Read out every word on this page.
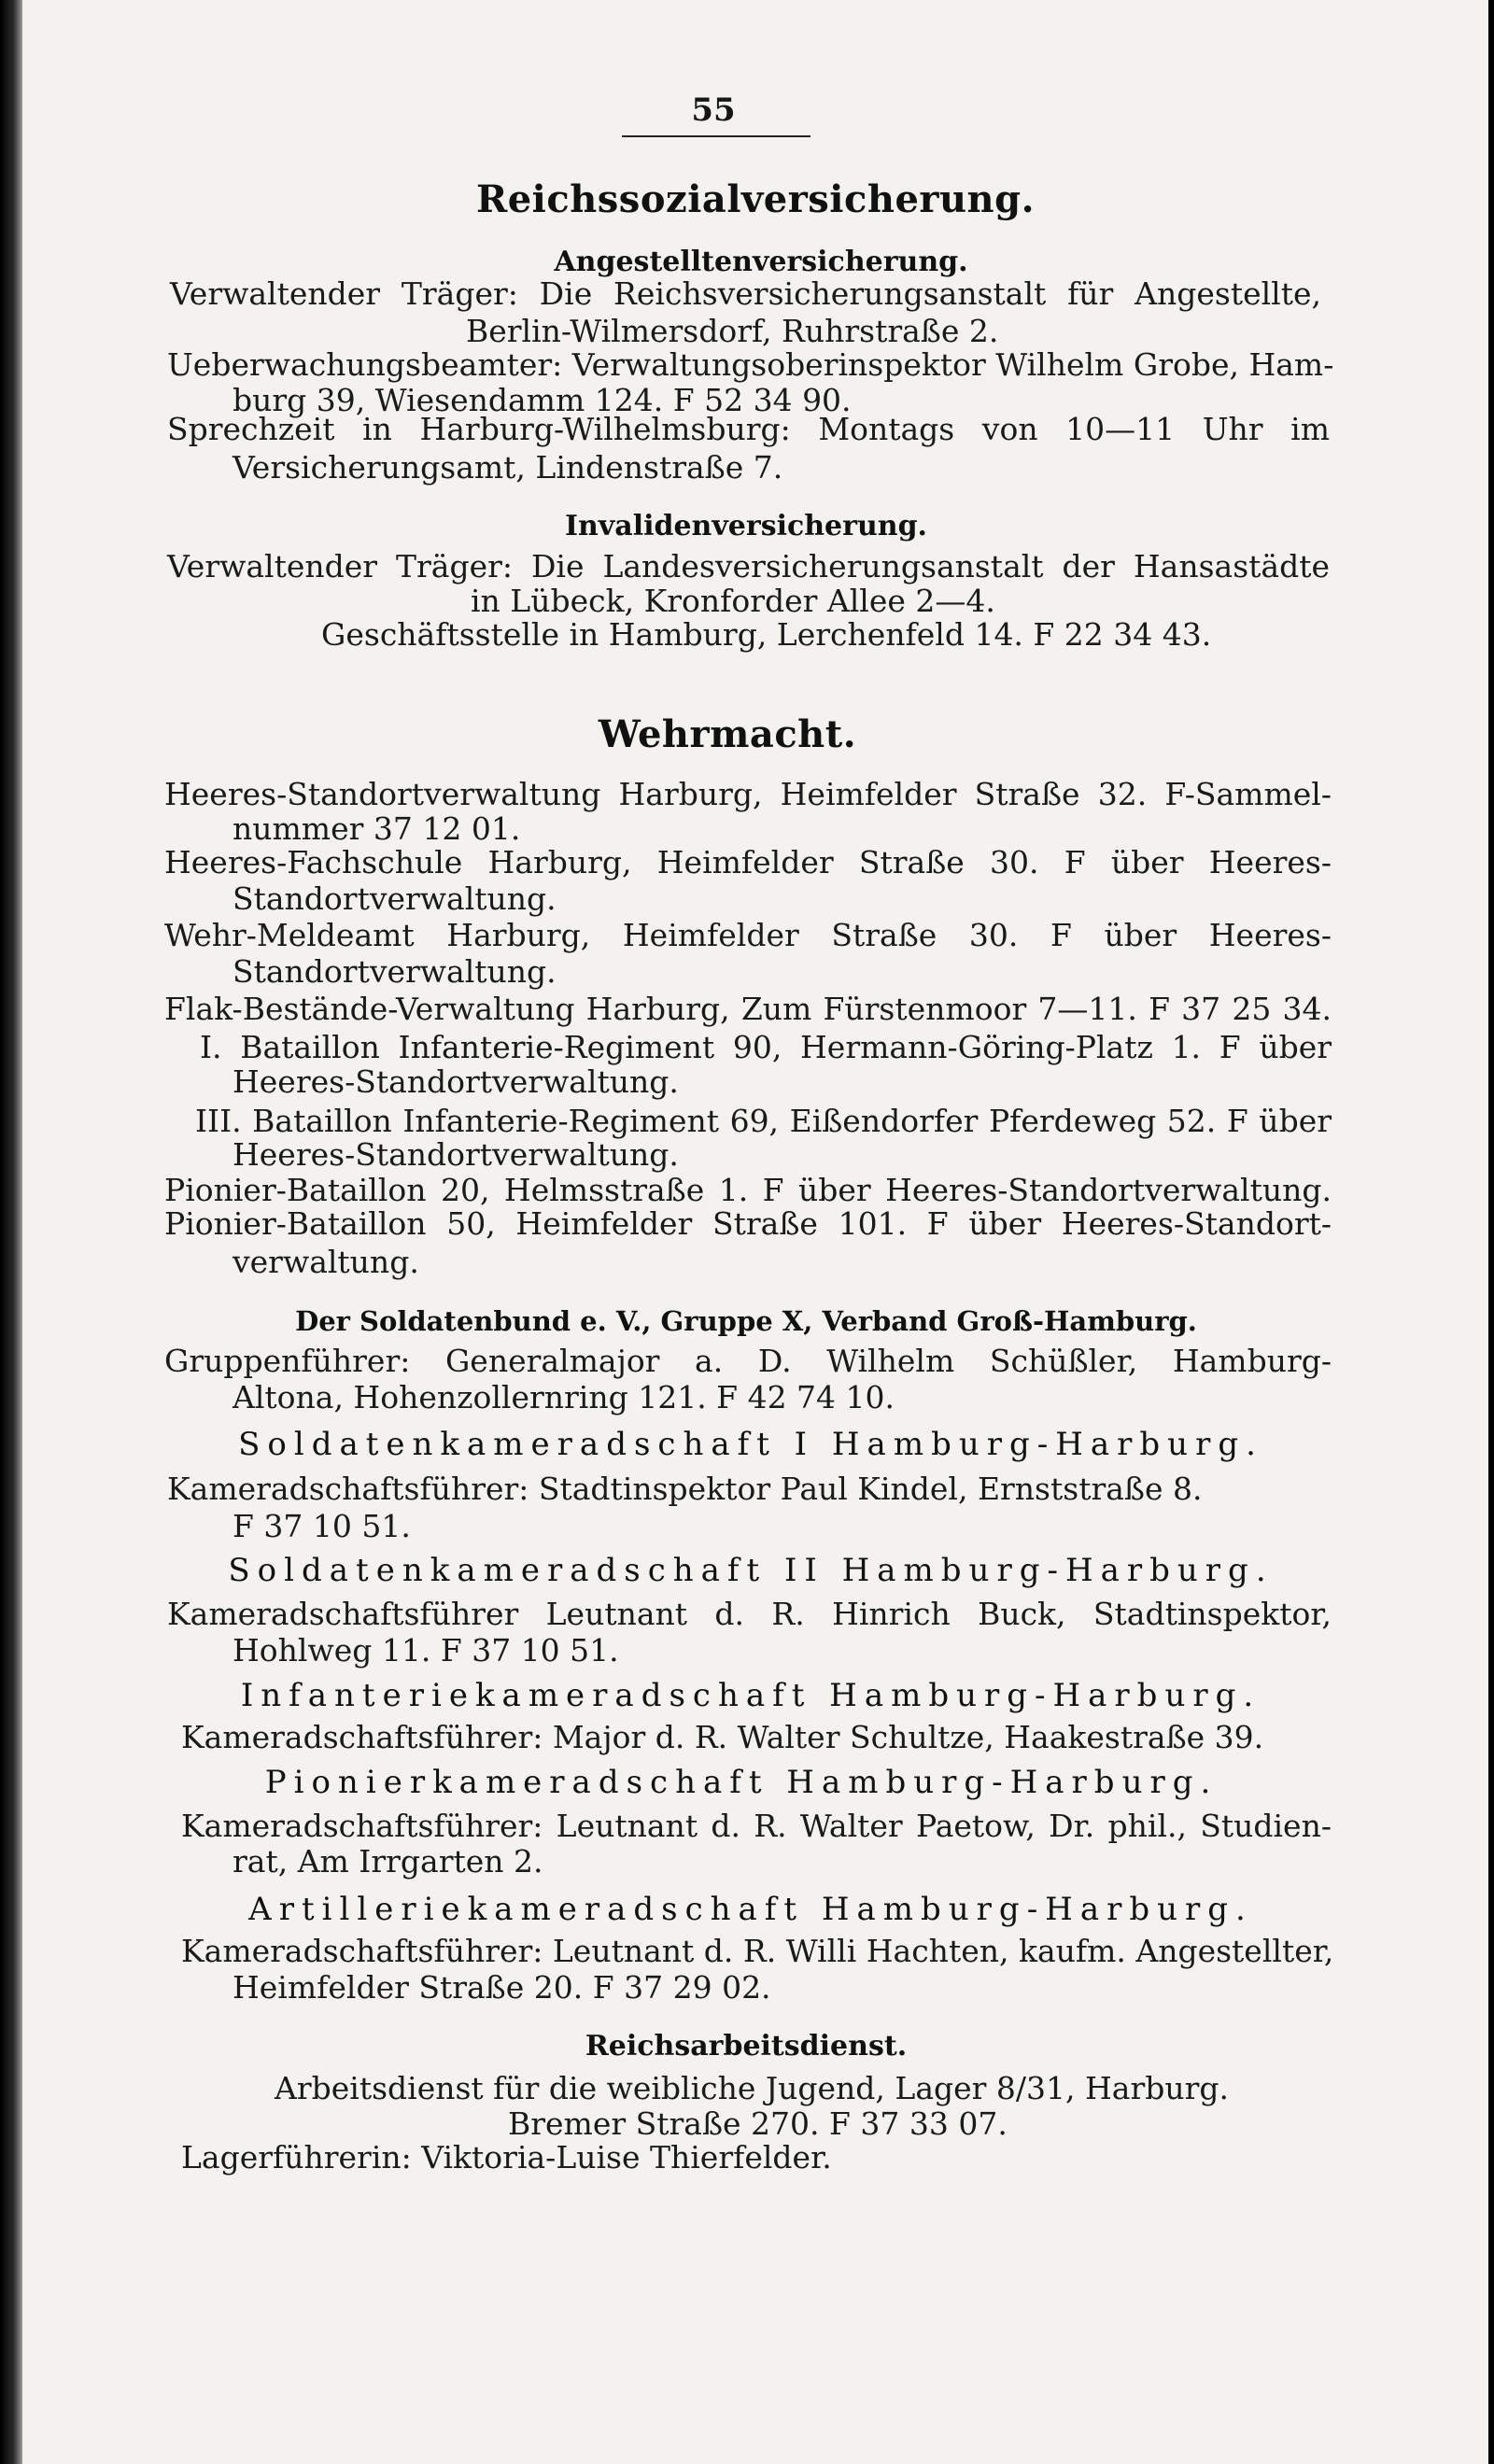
55
Reichssozialversicherung.
Angestelltenversicherung.
Verwaltender Träger: Die Reichsversicherungsanstalt für Angestellte,
Berlin-Wilmersdorf, Ruhrstraße 2.
Ueberwachungsbeamter: Verwaltungsoberinspektor Wilhelm Grobe, Ham-
burg 39, Wiesendamm 124. F 52 34 90.
Sprechzeit in Harburg-Wilhelmsburg: Montags von 10—11 Uhr im
Versicherungsamt, Lindenstraße 7.
Invalidenversicherung.
Verwaltender Träger: Die Landesversicherungsanstalt der Hansastädte
in Lübeck, Kronforder Allee 2—4.
Geschäftsstelle in Hamburg, Lerchenfeld 14. F 22 34 43.
Wehrmacht.
Heeres-Standortverwaltung Harburg, Heimfelder Straße 32. F-Sammel-
nummer 37 12 01.
Heeres-Fachschule Harburg, Heimfelder Straße 30. F über Heeres-
Standortverwaltung.
Wehr-Meldeamt Harburg, Heimfelder Straße 30. F über Heeres-
Standortverwaltung.
Flak-Bestände-Verwaltung Harburg, Zum Fürstenmoor 7—11. F 37 25 34.
I. Bataillon Infanterie-Regiment 90, Hermann-Göring-Platz 1. F über
Heeres-Standortverwaltung.
III. Bataillon Infanterie-Regiment 69, Eißendorfer Pferdeweg 52. F über
Heeres-Standortverwaltung.
Pionier-Bataillon 20, Helmsstraße 1. F über Heeres-Standortverwaltung.
Pionier-Bataillon 50, Heimfelder Straße 101. F über Heeres-Standort-
verwaltung.
Der Soldatenbund e. V., Gruppe X, Verband Groß-Hamburg.
Gruppenführer: Generalmajor a. D. Wilhelm Schüßler, Hamburg-
Altona, Hohenzollernring 121. F 42 74 10.
Soldatenkameradschaft I Hamburg-Harburg.
Kameradschaftsführer: Stadtinspektor Paul Kindel, Ernststraße 8.
F 37 10 51.
Soldatenkameradschaft II Hamburg-Harburg.
Kameradschaftsführer Leutnant d. R. Hinrich Buck, Stadtinspektor,
Hohlweg 11. F 37 10 51.
Infanteriekameradschaft Hamburg-Harburg.
Kameradschaftsführer: Major d. R. Walter Schultze, Haakestraße 39.
Pionierkameradschaft Hamburg-Harburg.
Kameradschaftsführer: Leutnant d. R. Walter Paetow, Dr. phil., Studien-
rat, Am Irrgarten 2.
Artilleriekameradschaft Hamburg-Harburg.
Kameradschaftsführer: Leutnant d. R. Willi Hachten, kaufm. Angestellter,
Heimfelder Straße 20. F 37 29 02.
Reichsarbeitsdienst.
Arbeitsdienst für die weibliche Jugend, Lager 8/31, Harburg.
Bremer Straße 270. F 37 33 07.
Lagerführerin: Viktoria-Luise Thierfelder.
